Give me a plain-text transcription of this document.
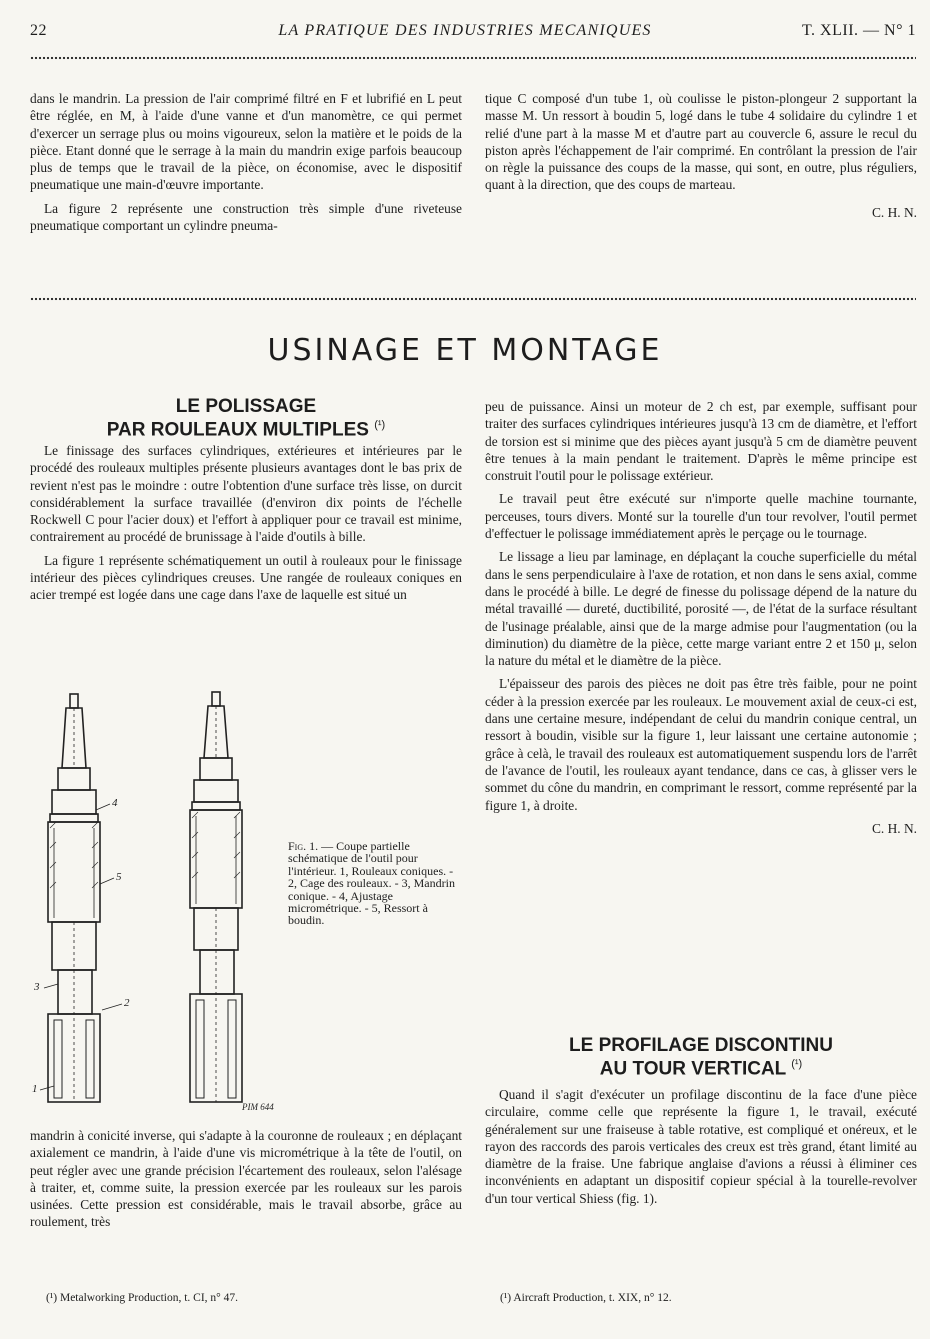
22	LA PRATIQUE DES INDUSTRIES MECANIQUES	T. XLII. — N° 1

dans le mandrin. La pression de l'air comprimé filtré en F et lubrifié en L peut être réglée, en M, à l'aide d'une vanne et d'un manomètre, ce qui permet d'exercer un serrage plus ou moins vigoureux, selon la matière et le poids de la pièce. Etant donné que le serrage à la main du mandrin exige parfois beaucoup plus de temps que le travail de la pièce, on économise, avec le dispositif pneumatique une main-d'œuvre importante.

La figure 2 représente une construction très simple d'une riveteuse pneumatique comportant un cylindre pneuma-

tique C composé d'un tube 1, où coulisse le piston-plongeur 2 supportant la masse M. Un ressort à boudin 5, logé dans le tube 4 solidaire du cylindre 1 et relié d'une part à la masse M et d'autre part au couvercle 6, assure le recul du piston après l'échappement de l'air comprimé. En contrôlant la pression de l'air on règle la puissance des coups de la masse, qui sont, en outre, plus réguliers, quant à la direction, que des coups de marteau.

C. H. N.
USINAGE ET MONTAGE
LE POLISSAGE
PAR ROULEAUX MULTIPLES $^{(^1)}$

Le finissage des surfaces cylindriques, extérieures et intérieures par le procédé des rouleaux multiples présente plusieurs avantages dont le bas prix de revient n'est pas le moindre : outre l'obtention d'une surface très lisse, on durcit considérablement la surface travaillée (d'environ dix points de l'échelle Rockwell C pour l'acier doux) et l'effort à appliquer pour ce travail est minime, contrairement au procédé de brunissage à l'aide d'outils à bille.

La figure 1 représente schématiquement un outil à rouleaux pour le finissage intérieur des pièces cylindriques creuses. Une rangée de rouleaux coniques en acier trempé est logée dans une cage dans l'axe de laquelle est situé un

4
5
3
2
1
PIM 644
Fig. 1. — Coupe partielle schématique de l'outil pour l'intérieur. 1, Rouleaux coniques. - 2, Cage des rouleaux. - 3, Mandrin conique. - 4, Ajustage micrométrique. - 5, Ressort à boudin.

mandrin à conicité inverse, qui s'adapte à la couronne de rouleaux ; en déplaçant axialement ce mandrin, à l'aide d'une vis micrométrique à la tête de l'outil, on peut régler avec une grande précision l'écartement des rouleaux, selon l'alésage à traiter, et, comme suite, la pression exercée par les rouleaux sur les parois usinées. Cette pression est considérable, mais le travail absorbe, grâce au roulement, très

peu de puissance. Ainsi un moteur de 2 ch est, par exemple, suffisant pour traiter des surfaces cylindriques intérieures jusqu'à 13 cm de diamètre, et l'effort de torsion est si minime que des pièces ayant jusqu'à 5 cm de diamètre peuvent être tenues à la main pendant le traitement. D'après le même principe est construit l'outil pour le polissage extérieur.

Le travail peut être exécuté sur n'importe quelle machine tournante, perceuses, tours divers. Monté sur la tourelle d'un tour revolver, l'outil permet d'effectuer le polissage immédiatement après le perçage ou le tournage.

Le lissage a lieu par laminage, en déplaçant la couche superficielle du métal dans le sens perpendiculaire à l'axe de rotation, et non dans le sens axial, comme dans le procédé à bille. Le degré de finesse du polissage dépend de la nature du métal travaillé — dureté, ductibilité, porosité —, de l'état de la surface résultant de l'usinage préalable, ainsi que de la marge admise pour l'augmentation (ou la diminution) du diamètre de la pièce, cette marge variant entre 2 et 150 μ, selon la nature du métal et le diamètre de la pièce.

L'épaisseur des parois des pièces ne doit pas être très faible, pour ne point céder à la pression exercée par les rouleaux. Le mouvement axial de ceux-ci est, dans une certaine mesure, indépendant de celui du mandrin conique central, un ressort à boudin, visible sur la figure 1, leur laissant une certaine autonomie ; grâce à celà, le travail des rouleaux est automatiquement suspendu lors de l'arrêt de l'avance de l'outil, les rouleaux ayant tendance, dans ce cas, à glisser vers le sommet du cône du mandrin, en comprimant le ressort, comme représenté par la figure 1, à droite.

C. H. N.
LE PROFILAGE DISCONTINU
AU TOUR VERTICAL $^{(^1)}$

Quand il s'agit d'exécuter un profilage discontinu de la face d'une pièce circulaire, comme celle que représente la figure 1, le travail, exécuté généralement sur une fraiseuse à table rotative, est compliqué et onéreux, et le rayon des raccords des parois verticales des creux est très grand, étant limité au diamètre de la fraise. Une fabrique anglaise d'avions a réussi à éliminer ces inconvénients en adaptant un dispositif copieur spécial à la tourelle-revolver d'un tour vertical Shiess (fig. 1).

(¹) Metalworking Production, t. CI, n° 47.	(¹) Aircraft Production, t. XIX, n° 12.
